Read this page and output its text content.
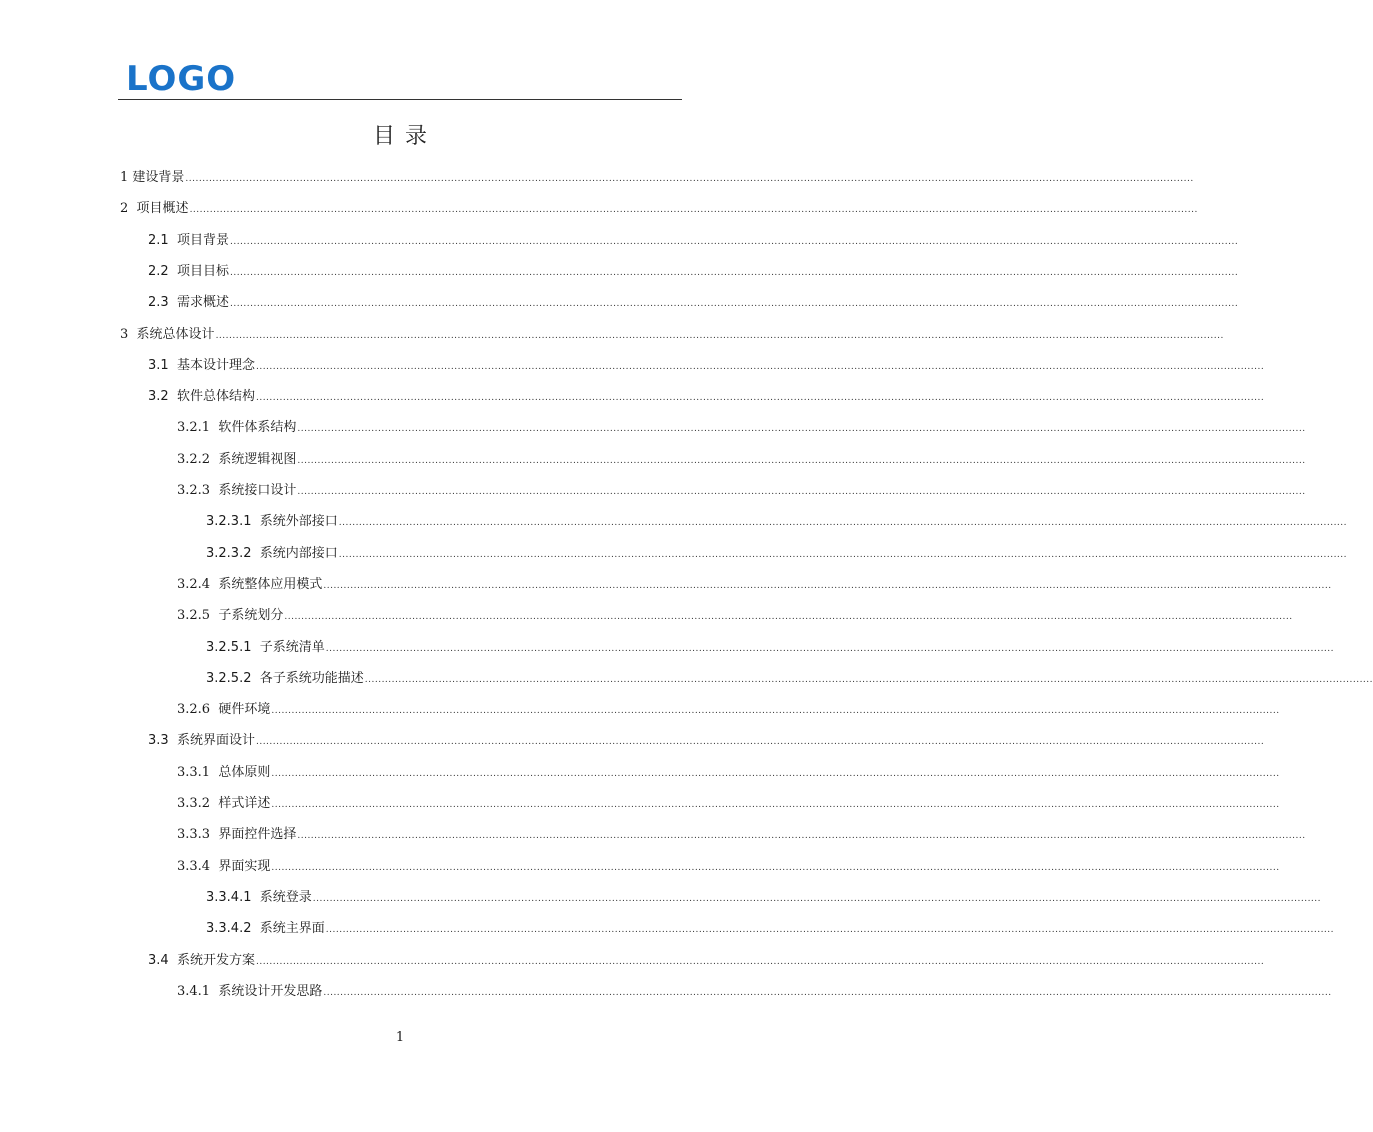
LOGO
目录
1 建设背景 ............................................................................................................................................................................................................................................................................................................
2 项目概述 ............................................................................................................................................................................................................................................................................................................
2.1 项目背景 ............................................................................................................................................................................................................................................................................................................
2.2 项目目标 ............................................................................................................................................................................................................................................................................................................
2.3 需求概述 ............................................................................................................................................................................................................................................................................................................
3 系统总体设计 ............................................................................................................................................................................................................................................................................................................
3.1 基本设计理念 ............................................................................................................................................................................................................................................................................................................
3.2 软件总体结构 ............................................................................................................................................................................................................................................................................................................
3.2.1 软件体系结构 ............................................................................................................................................................................................................................................................................................................
3.2.2 系统逻辑视图 ............................................................................................................................................................................................................................................................................................................
3.2.3 系统接口设计 ............................................................................................................................................................................................................................................................................................................
3.2.3.1 系统外部接口 ............................................................................................................................................................................................................................................................................................................
3.2.3.2 系统内部接口 ............................................................................................................................................................................................................................................................................................................
3.2.4 系统整体应用模式 ............................................................................................................................................................................................................................................................................................................
3.2.5 子系统划分 ............................................................................................................................................................................................................................................................................................................
3.2.5.1 子系统清单 ............................................................................................................................................................................................................................................................................................................
3.2.5.2 各子系统功能描述 ............................................................................................................................................................................................................................................................................................................
3.2.6 硬件环境 ............................................................................................................................................................................................................................................................................................................
3.3 系统界面设计 ............................................................................................................................................................................................................................................................................................................
3.3.1 总体原则 ............................................................................................................................................................................................................................................................................................................
3.3.2 样式详述 ............................................................................................................................................................................................................................................................................................................
3.3.3 界面控件选择 ............................................................................................................................................................................................................................................................................................................
3.3.4 界面实现 ............................................................................................................................................................................................................................................................................................................
3.3.4.1 系统登录 ............................................................................................................................................................................................................................................................................................................
3.3.4.2 系统主界面 ............................................................................................................................................................................................................................................................................................................
3.4 系统开发方案 ............................................................................................................................................................................................................................................................................................................
3.4.1 系统设计开发思路 ............................................................................................................................................................................................................................................................................................................
1
